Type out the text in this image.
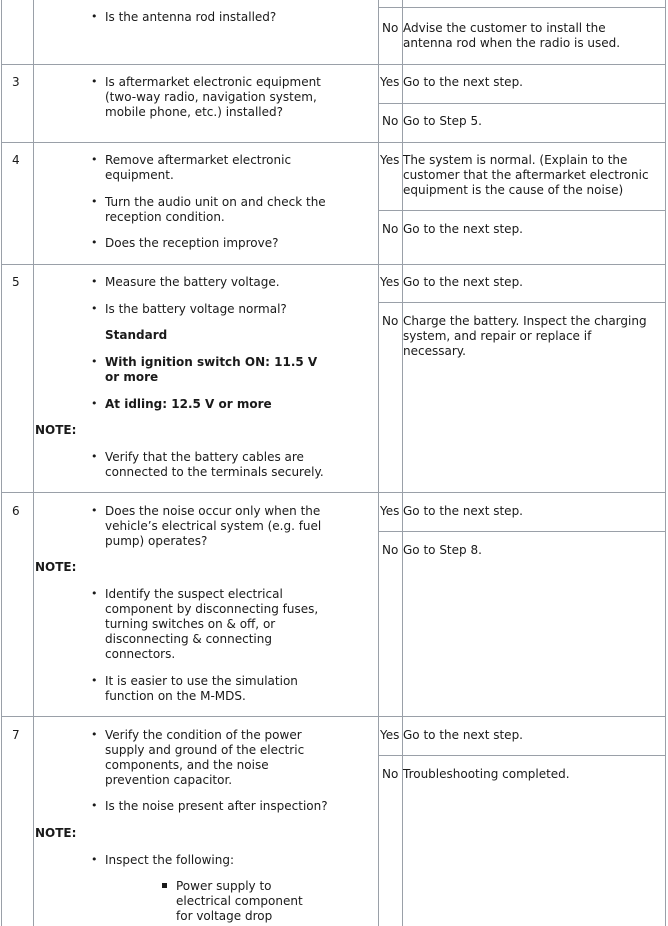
• Is the antenna rod installed?
No Advise the customer to install the
antenna rod when the radio is used.
3	• Is aftermarket electronic equipment
(two-way radio, navigation system,
mobile phone, etc.) installed?
Yes Go to the next step.
No Go to Step 5.
4	• Remove aftermarket electronic
equipment.
• Turn the audio unit on and check the
reception condition.
• Does the reception improve?
Yes The system is normal. (Explain to the
customer that the aftermarket electronic
equipment is the cause of the noise)
No Go to the next step.
5	• Measure the battery voltage.
• Is the battery voltage normal?
Standard
• With ignition switch ON: 11.5 V
or more
• At idling: 12.5 V or more
NOTE:
• Verify that the battery cables are
connected to the terminals securely.
Yes Go to the next step.
No Charge the battery. Inspect the charging
system, and repair or replace if
necessary.
6	• Does the noise occur only when the
vehicle’s electrical system (e.g. fuel
pump) operates?
NOTE:
• Identify the suspect electrical
component by disconnecting fuses,
turning switches on & off, or
disconnecting & connecting
connectors.
• It is easier to use the simulation
function on the M-MDS.
Yes Go to the next step.
No Go to Step 8.
7	• Verify the condition of the power
supply and ground of the electric
components, and the noise
prevention capacitor.
• Is the noise present after inspection?
NOTE:
• Inspect the following:
Power supply to
electrical component
for voltage drop
Yes Go to the next step.
No Troubleshooting completed.
